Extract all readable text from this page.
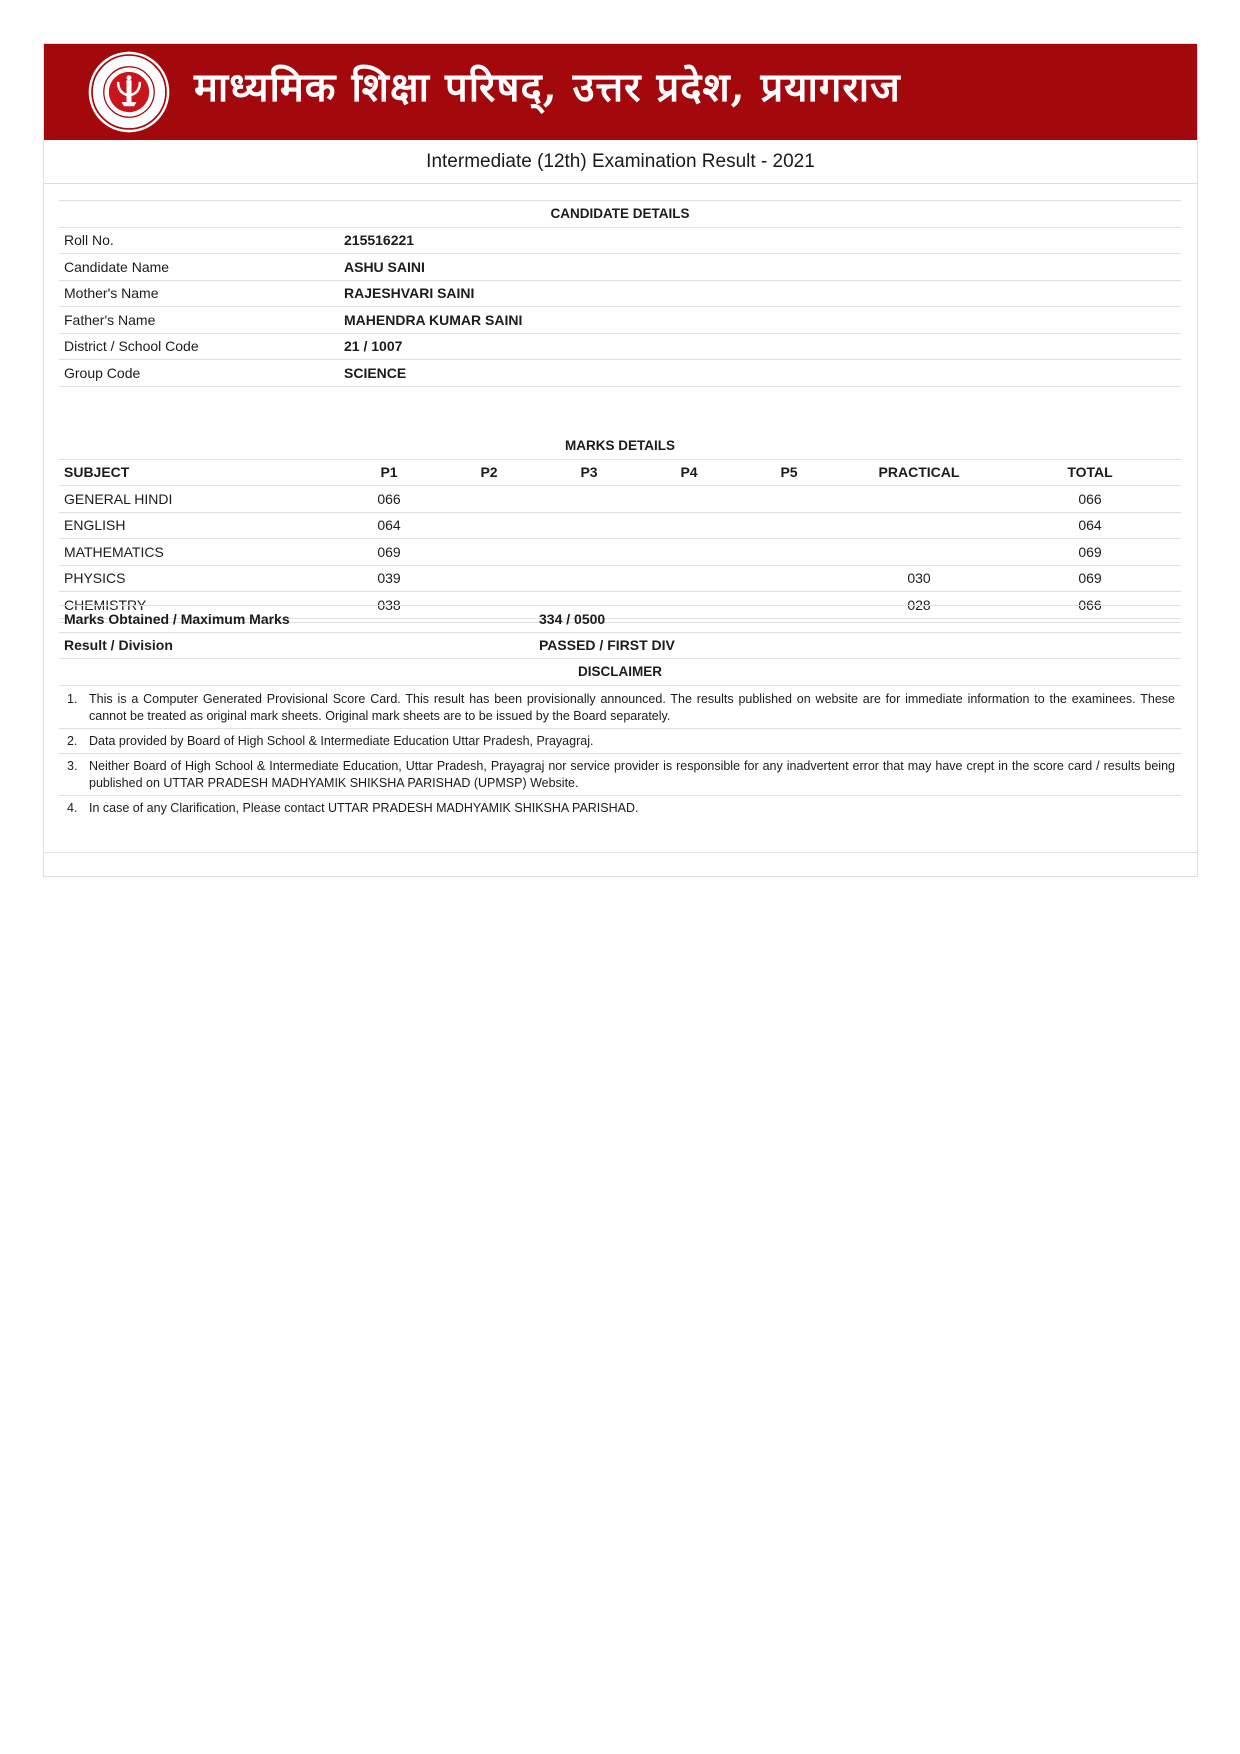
माध्यमिक शिक्षा परिषद्, उत्तर प्रदेश, प्रयागराज
Intermediate (12th) Examination Result - 2021
CANDIDATE DETAILS	
Roll No.	215516221
Candidate Name	ASHU SAINI
Mother's Name	RAJESHVARI SAINI
Father's Name	MAHENDRA KUMAR SAINI
District / School Code	21 / 1007
Group Code	SCIENCE
MARKS DETAILS							
SUBJECT	P1	P2	P3	P4	P5	PRACTICAL	TOTAL
GENERAL HINDI	066						066
ENGLISH	064						064
MATHEMATICS	069						069
PHYSICS	039					030	069
CHEMISTRY	038					028	066

Marks Obtained / Maximum Marks	334 / 0500
Result / Division	PASSED / FIRST DIV
DISCLAIMER	
1. This is a Computer Generated Provisional Score Card. This result has been provisionally announced. The results published on website are for immediate information to the examinees. These cannot be treated as original mark sheets. Original mark sheets are to be issued by the Board separately.
2. Data provided by Board of High School & Intermediate Education Uttar Pradesh, Prayagraj.
3. Neither Board of High School & Intermediate Education, Uttar Pradesh, Prayagraj nor service provider is responsible for any inadvertent error that may have crept in the score card / results being published on UTTAR PRADESH MADHYAMIK SHIKSHA PARISHAD (UPMSP) Website.
4. In case of any Clarification, Please contact UTTAR PRADESH MADHYAMIK SHIKSHA PARISHAD.
